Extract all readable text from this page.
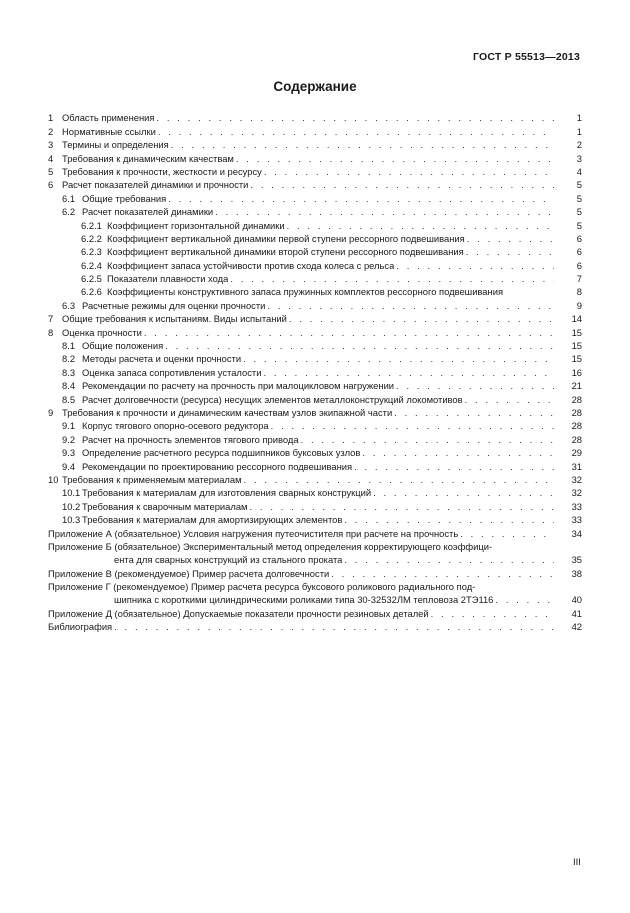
ГОСТ Р 55513—2013
Содержание
1 Область применения . . .	1
2 Нормативные ссылки . . .	1
3 Термины и определения . . .	2
4 Требования к динамическим качествам . . .	3
5 Требования к прочности, жесткости и ресурсу . . .	4
6 Расчет показателей динамики и прочности . . .	5
6.1 Общие требования . . .	5
6.2 Расчет показателей динамики . . .	5
6.2.1 Коэффициент горизонтальной динамики . . .	5
6.2.2 Коэффициент вертикальной динамики первой ступени рессорного подвешивания . . .	6
6.2.3 Коэффициент вертикальной динамики второй ступени рессорного подвешивания . . .	6
6.2.4 Коэффициент запаса устойчивости против схода колеса с рельса . . .	6
6.2.5 Показатели плавности хода . . .	7
6.2.6 Коэффициенты конструктивного запаса пружинных комплектов рессорного подвешивания	8
6.3 Расчетные режимы для оценки прочности . . .	9
7 Общие требования к испытаниям. Виды испытаний . . .	14
8 Оценка прочности . . .	15
8.1 Общие положения . . .	15
8.2 Методы расчета и оценки прочности . . .	15
8.3 Оценка запаса сопротивления усталости . . .	16
8.4 Рекомендации по расчету на прочность при малоцикловом нагружении . . .	21
8.5 Расчет долговечности (ресурса) несущих элементов металлоконструкций локомотивов . . .	28
9 Требования к прочности и динамическим качествам узлов экипажной части . . .	28
9.1 Корпус тягового опорно-осевого редуктора . . .	28
9.2 Расчет на прочность элементов тягового привода . . .	28
9.3 Определение расчетного ресурса подшипников буксовых узлов . . .	29
9.4 Рекомендации по проектированию рессорного подвешивания . . .	31
10 Требования к применяемым материалам . . .	32
10.1 Требования к материалам для изготовления сварных конструкций . . .	32
10.2 Требования к сварочным материалам . . .	33
10.3 Требования к материалам для амортизирующих элементов . . .	33
Приложение А (обязательное) Условия нагружения путеочистителя при расчете на прочность . . .	34
Приложение Б (обязательное) Экспериментальный метод определения корректирующего коэффици-
ента для сварных конструкций из стального проката . . .	35
Приложение В (рекомендуемое) Пример расчета долговечности . . .	38
Приложение Г (рекомендуемое) Пример расчета ресурса буксового роликового радиального под-
шипника с короткими цилиндрическими роликами типа 30-32532ЛМ тепловоза 2ТЭ116 . . .	40
Приложение Д (обязательное) Допускаемые показатели прочности резиновых деталей . . .	41
Библиография . . .	42
III
